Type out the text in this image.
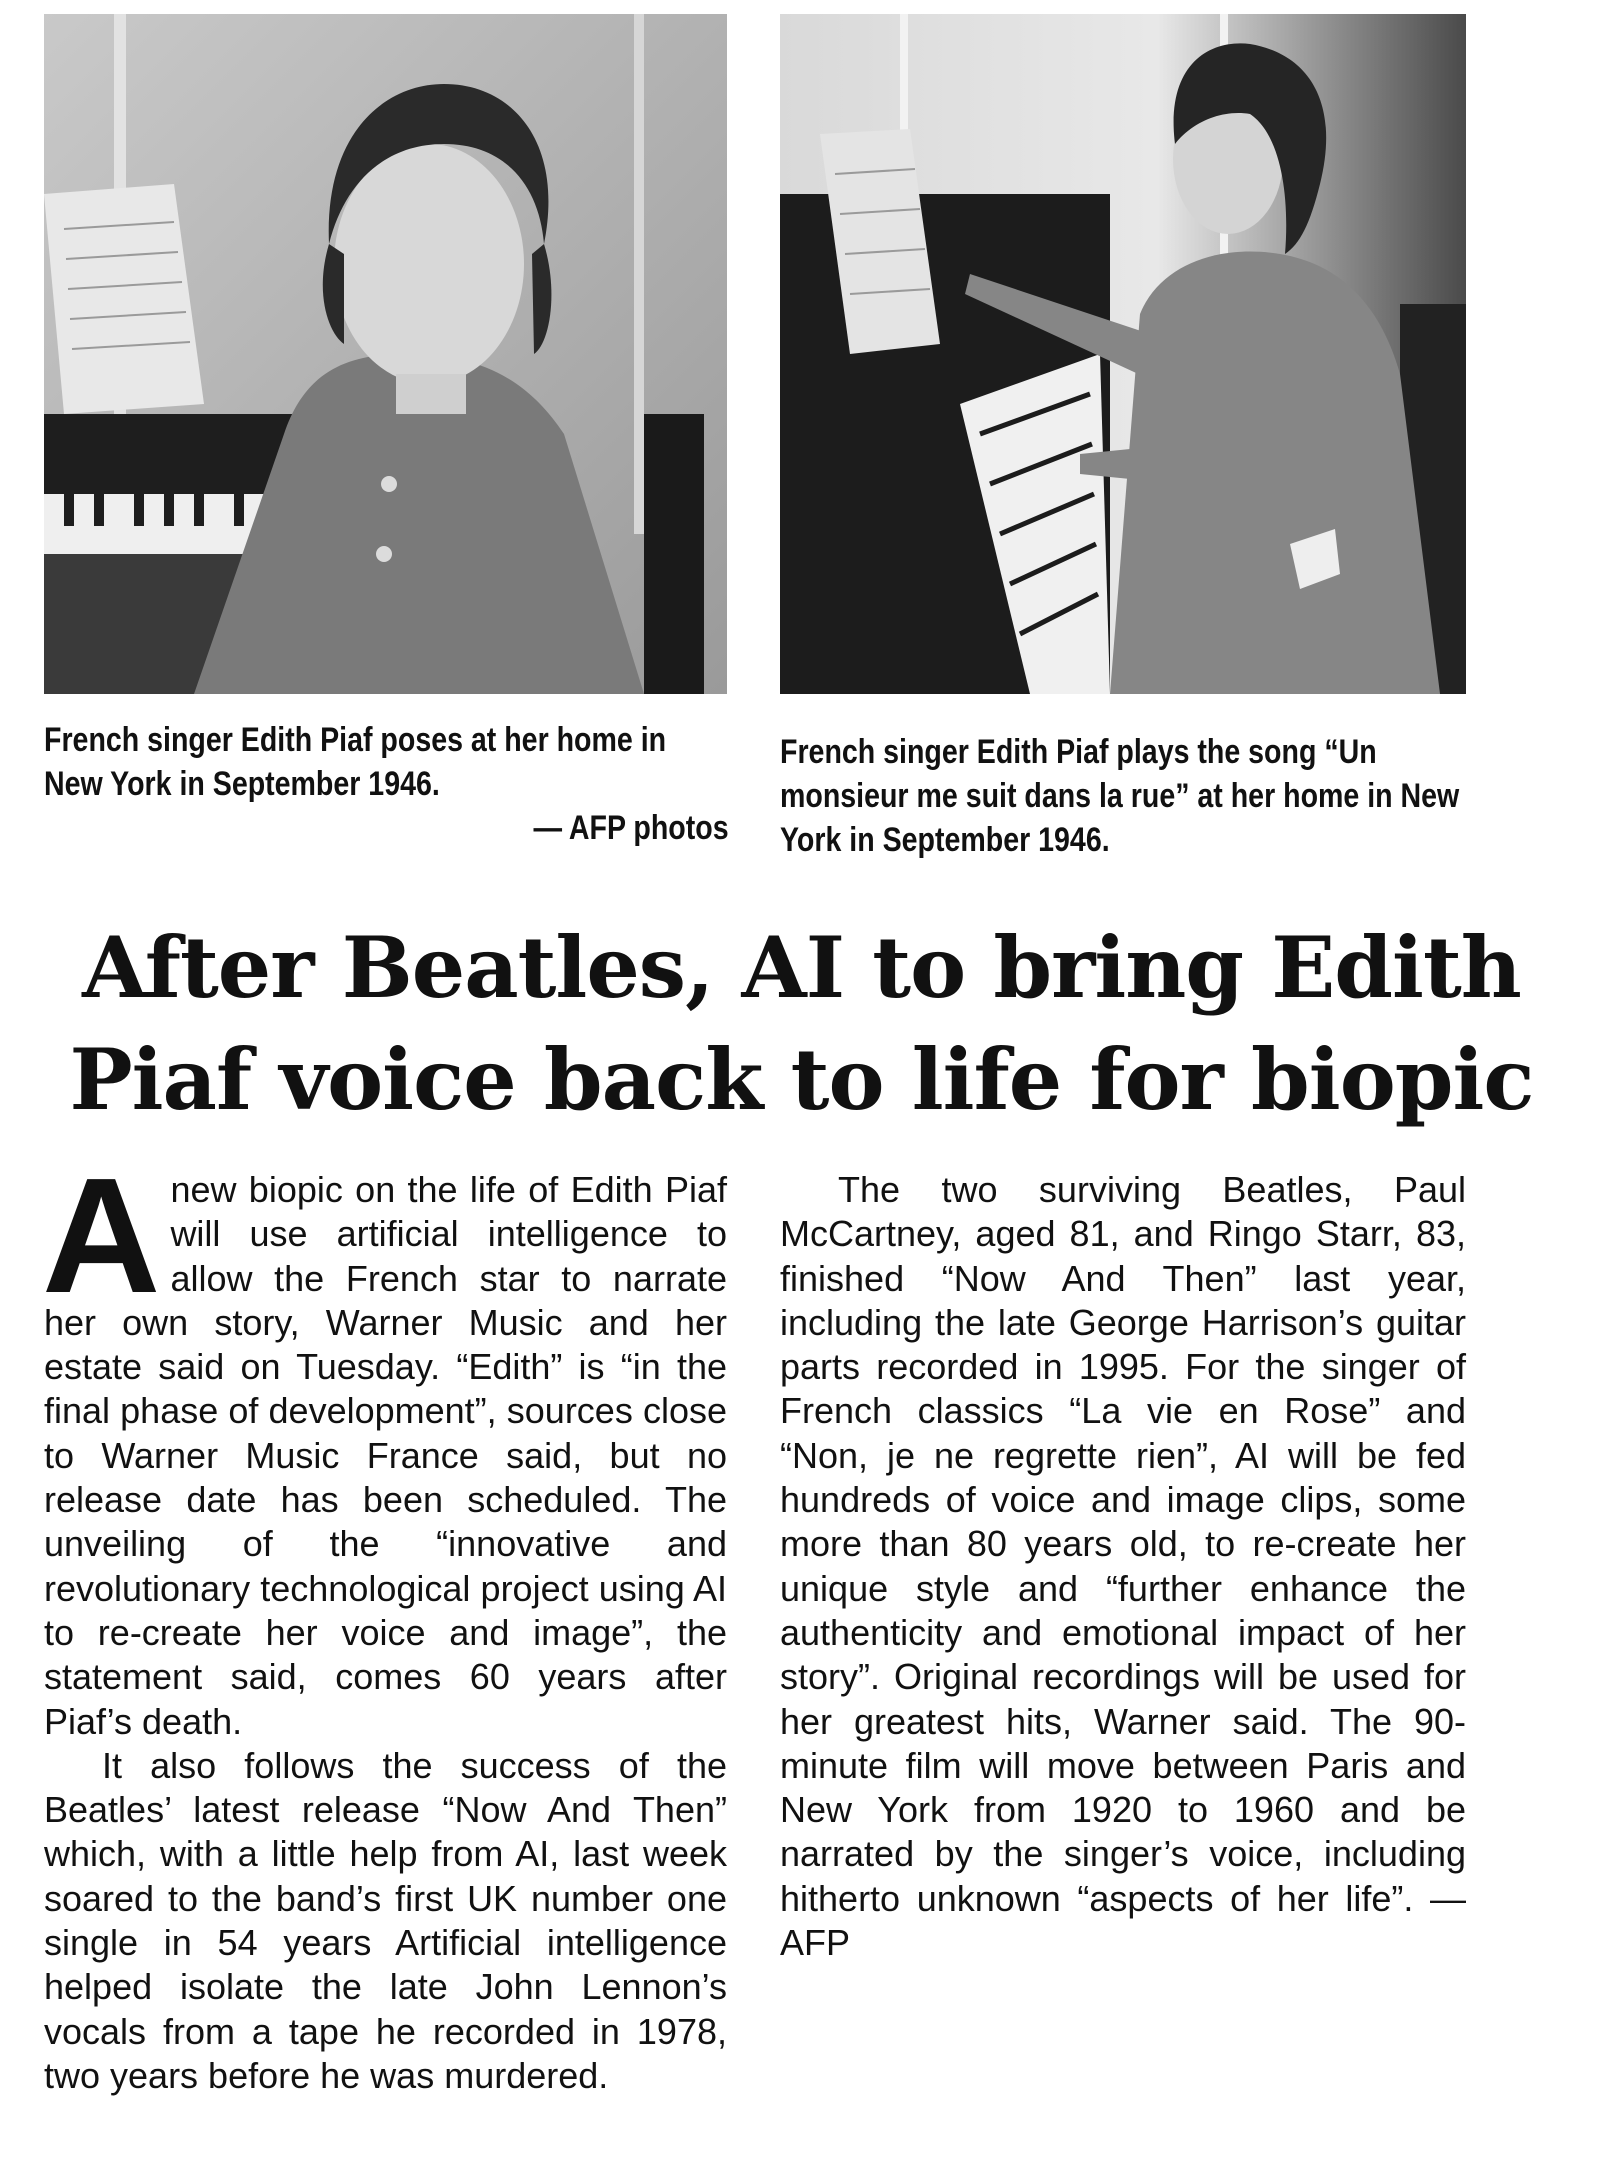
French singer Edith Piaf poses at her home in New York in September 1946.
— AFP photos
French singer Edith Piaf plays the song “Un monsieur me suit dans la rue” at her home in New York in September 1946.
After Beatles, AI to bring Edith Piaf voice back to life for biopic

Anew biopic on the life of Edith Piaf will use artificial intelligence to allow the French star to narrate her own story, Warner Music and her estate said on Tuesday. “Edith” is “in the final phase of development”, sources close to Warner Music France said, but no release date has been scheduled. The unveiling of the “innovative and revolutionary technological project using AI to re-create her voice and image”, the statement said, comes 60 years after Piaf’s death.

It also follows the success of the Beatles’ latest release “Now And Then” which, with a little help from AI, last week soared to the band’s first UK number one single in 54 years Artificial intelligence helped isolate the late John Lennon’s vocals from a tape he recorded in 1978, two years before he was murdered.

The two surviving Beatles, Paul McCartney, aged 81, and Ringo Starr, 83, finished “Now And Then” last year, including the late George Harrison’s guitar parts recorded in 1995. For the singer of French classics “La vie en Rose” and “Non, je ne regrette rien”, AI will be fed hundreds of voice and image clips, some more than 80 years old, to re-create her unique style and “further enhance the authenticity and emotional impact of her story”. Original recordings will be used for her greatest hits, Warner said. The 90-minute film will move between Paris and New York from 1920 to 1960 and be narrated by the singer’s voice, including hitherto unknown “aspects of her life”. — AFP
